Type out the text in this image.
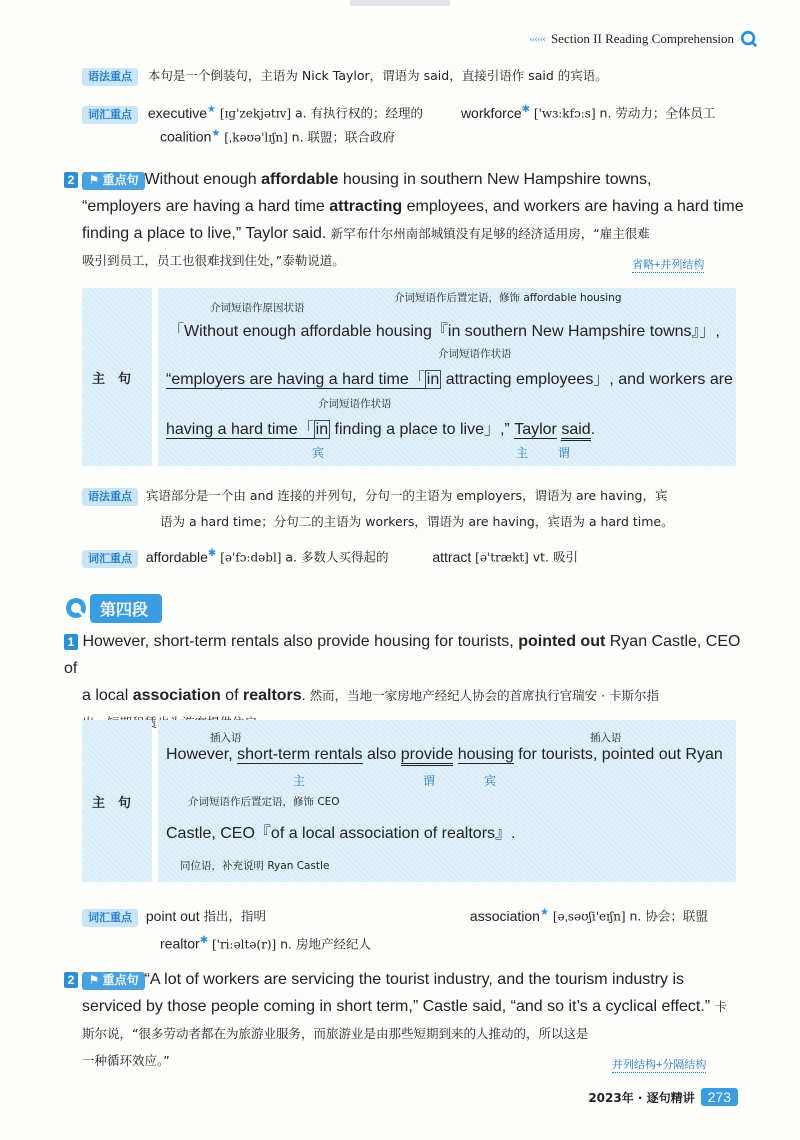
‹‹‹‹‹‹ Section II Reading Comprehension
语法重点 本句是一个倒装句，主语为 Nick Taylor，谓语为 said，直接引语作 said 的宾语。
词汇重点 executive★ [ɪɡ'zekjətɪv] a. 有执行权的；经理的	workforce✱ ['wɜːkfɔːs] n. 劳动力；全体员工
coalition★ [ˌkəʊə'lɪʃn] n. 联盟；联合政府
2 ⚑
重点句 Without enough affordable housing in southern New Hampshire towns,
“employers are having a hard time attracting employees, and workers are having a hard time
finding a place to live,” Taylor said. 新罕布什尔州南部城镇没有足够的经济适用房，“雇主很难
吸引到员工，员工也很难找到住处，”泰勒说道。	省略+并列结构
主　句
介词短语作原因状语
介词短语作后置定语，修饰 affordable housing
「Without enough affordable housing『in southern New Hampshire towns』」,
介词短语作状语
“employers are having a hard time「 in attracting employees」, and workers are
介词短语作状语
having a hard time「 in finding a place to live」,” Taylor said.
宾	主 谓
语法重点 宾语部分是一个由 and 连接的并列句，分句一的主语为 employers，谓语为 are having，宾
语为 a hard time；分句二的主语为 workers，谓语为 are having，宾语为 a hard time。
词汇重点 affordable✱ [ə'fɔːdəbl] a. 多数人买得起的	attract [ə'trækt] vt. 吸引
第四段
1 However, short-term rentals also provide housing for tourists, pointed out Ryan Castle, CEO of
a local association of realtors. 然而，当地一家房地产经纪人协会的首席执行官瑞安 · 卡斯尔指
主　句
插入语	插入语
However, short-term rentals also provide housing for tourists, pointed out Ryan
主	谓	宾
介词短语作后置定语，修饰 CEO
Castle, CEO『of a local association of realtors』.
同位语，补充说明 Ryan Castle
词汇重点 point out 指出，指明	association★ [əˌsəʊʃi'eɪʃn] n. 协会；联盟
realtor✱ ['riːəltə(r)] n. 房地产经纪人
2 ⚑
重点句 “A lot of workers are servicing the tourist industry, and the tourism industry is
serviced by those people coming in short term,” Castle said, “and so it’s a cyclical effect.” 卡
斯尔说，“很多劳动者都在为旅游业服务，而旅游业是由那些短期到来的人推动的，所以这是
一种循环效应。”	并列结构+分隔结构
2023年 · 逐句精讲 273
